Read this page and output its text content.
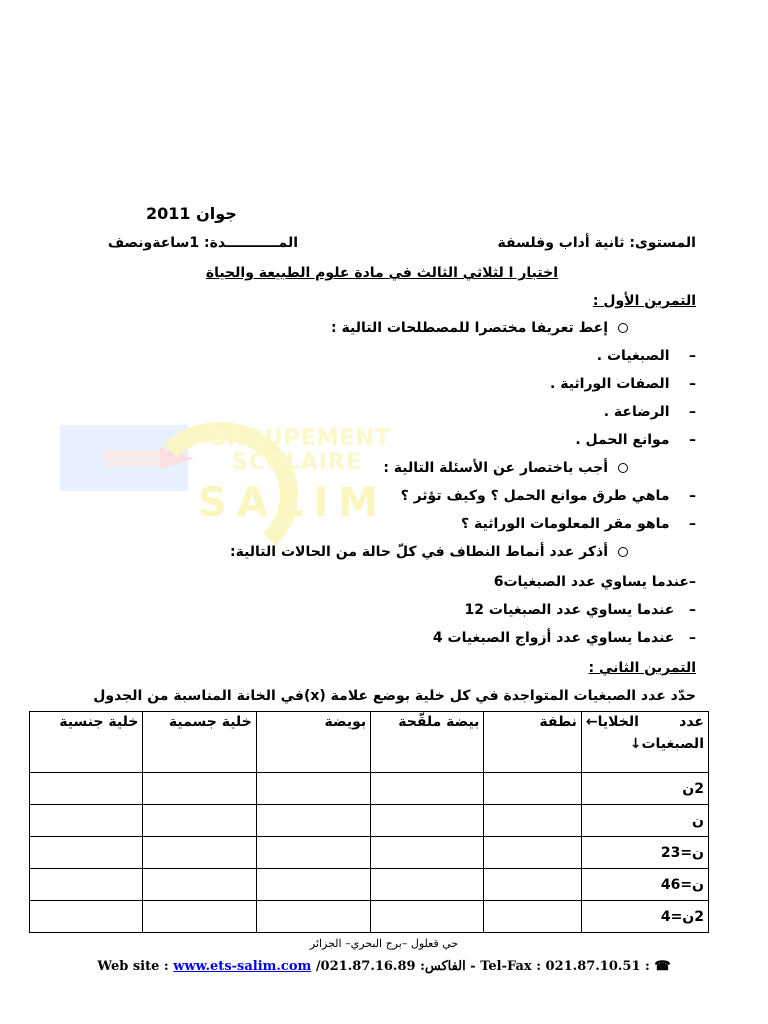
GROUPEMENT
SCOLAIRE
SALIM
جوان 2011
المستوى: ثانية أداب وفلسفة
المـــــــــــدة: 1ساعةونصف
اختبار ا لثلاثي الثالث في مادة علوم الطبيعة والحياة
التمرين الأول :
إعط تعريفا مختصرا للمصطلحات التالية :
–    الصبغيات .
–    الصفات الوراثية .
–    الرضاعة .
–    موانع الحمل .
أجب باختصار عن الأسئلة التالية :
–    ماهي طرق موانع الحمل ؟ وكيف تؤثر ؟
–    ماهو مقر المعلومات الوراثية ؟
أذكر عدد أنماط النطاف في كلّ حالة من الحالات التالية:
–عندما يساوي عدد الصبغيات6
–   عندما يساوي عدد الصبغيات 12
–   عندما يساوي عدد أزواج الصبغيات 4
التمرين الثاني :
حدّد عدد الصبغيات المتواجدة في كل خلية بوضع علامة (x)في الخانة المناسبة من الجدول
عدد
الخلايا←
الصبغيات↓	نطفة	بيضة ملقّحة	بويضة	خلية جسمية	خلية جنسية
2ن					
ن					
ن=23					
ن=46					
2ن=4					
حي قعلول –برج البحري– الجزائر
Web site : www.ets-salim.com /021.87.16.89 :الفاكس - Tel-Fax : 021.87.10.51 : ☎
